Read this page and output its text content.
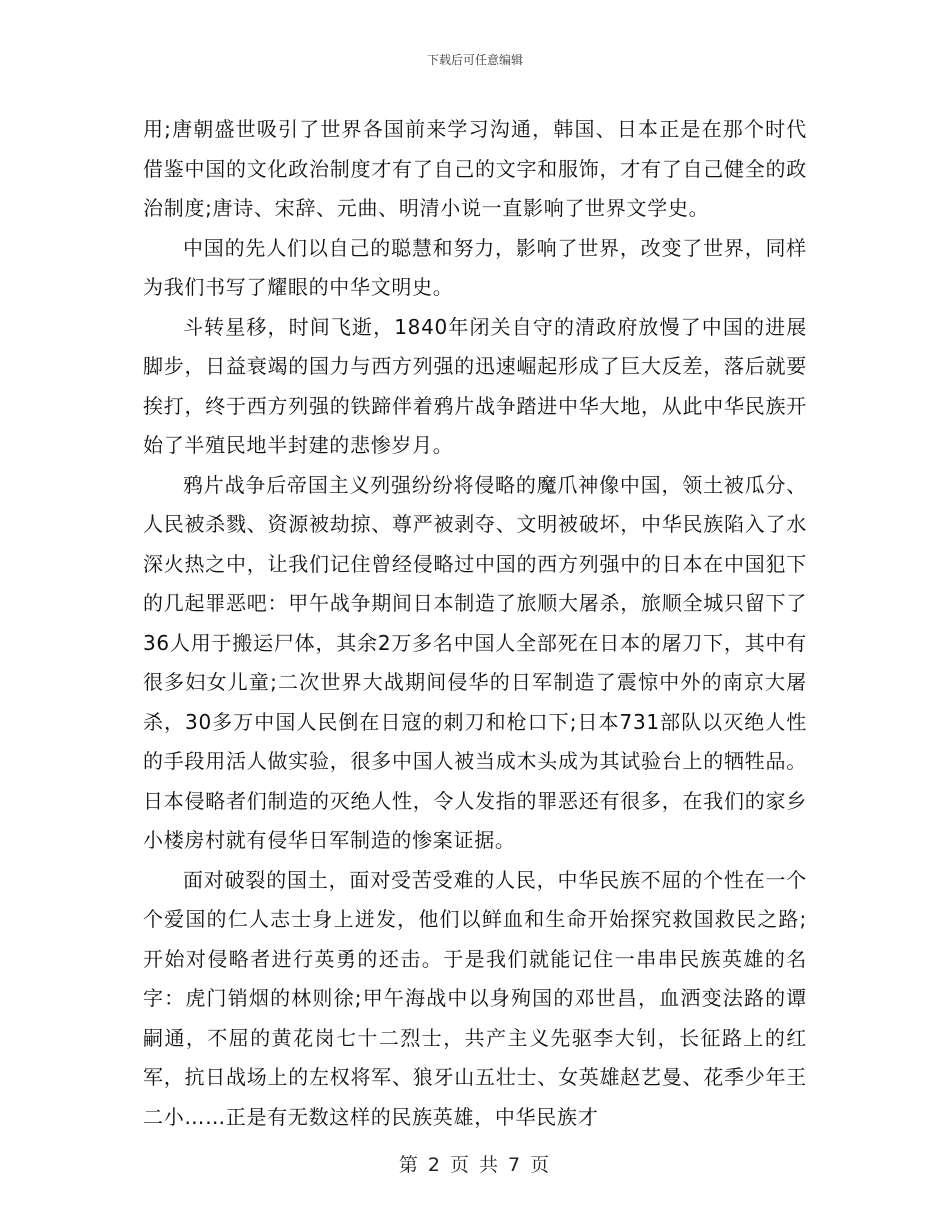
下载后可任意编辑

用;唐朝盛世吸引了世界各国前来学习沟通，韩国、日本正是在那个时代借鉴中国的文化政治制度才有了自己的文字和服饰，才有了自己健全的政治制度;唐诗、宋辞、元曲、明清小说一直影响了世界文学史。

中国的先人们以自己的聪慧和努力，影响了世界，改变了世界，同样为我们书写了耀眼的中华文明史。

斗转星移，时间飞逝，1840年闭关自守的清政府放慢了中国的进展脚步，日益衰竭的国力与西方列强的迅速崛起形成了巨大反差，落后就要挨打，终于西方列强的铁蹄伴着鸦片战争踏进中华大地，从此中华民族开始了半殖民地半封建的悲惨岁月。

鸦片战争后帝国主义列强纷纷将侵略的魔爪神像中国，领土被瓜分、人民被杀戮、资源被劫掠、尊严被剥夺、文明被破坏，中华民族陷入了水深火热之中，让我们记住曾经侵略过中国的西方列强中的日本在中国犯下的几起罪恶吧：甲午战争期间日本制造了旅顺大屠杀，旅顺全城只留下了36人用于搬运尸体，其余2万多名中国人全部死在日本的屠刀下，其中有很多妇女儿童;二次世界大战期间侵华的日军制造了震惊中外的南京大屠杀，30多万中国人民倒在日寇的刺刀和枪口下;日本731部队以灭绝人性的手段用活人做实验，很多中国人被当成木头成为其试验台上的牺牲品。日本侵略者们制造的灭绝人性，令人发指的罪恶还有很多，在我们的家乡小楼房村就有侵华日军制造的惨案证据。

面对破裂的国土，面对受苦受难的人民，中华民族不屈的个性在一个个爱国的仁人志士身上迸发，他们以鲜血和生命开始探究救国救民之路;开始对侵略者进行英勇的还击。于是我们就能记住一串串民族英雄的名字：虎门销烟的林则徐;甲午海战中以身殉国的邓世昌，血洒变法路的谭嗣通，不屈的黄花岗七十二烈士，共产主义先驱李大钊，长征路上的红军，抗日战场上的左权将军、狼牙山五壮士、女英雄赵艺曼、花季少年王二小……正是有无数这样的民族英雄，中华民族才

第 2 页 共 7 页
